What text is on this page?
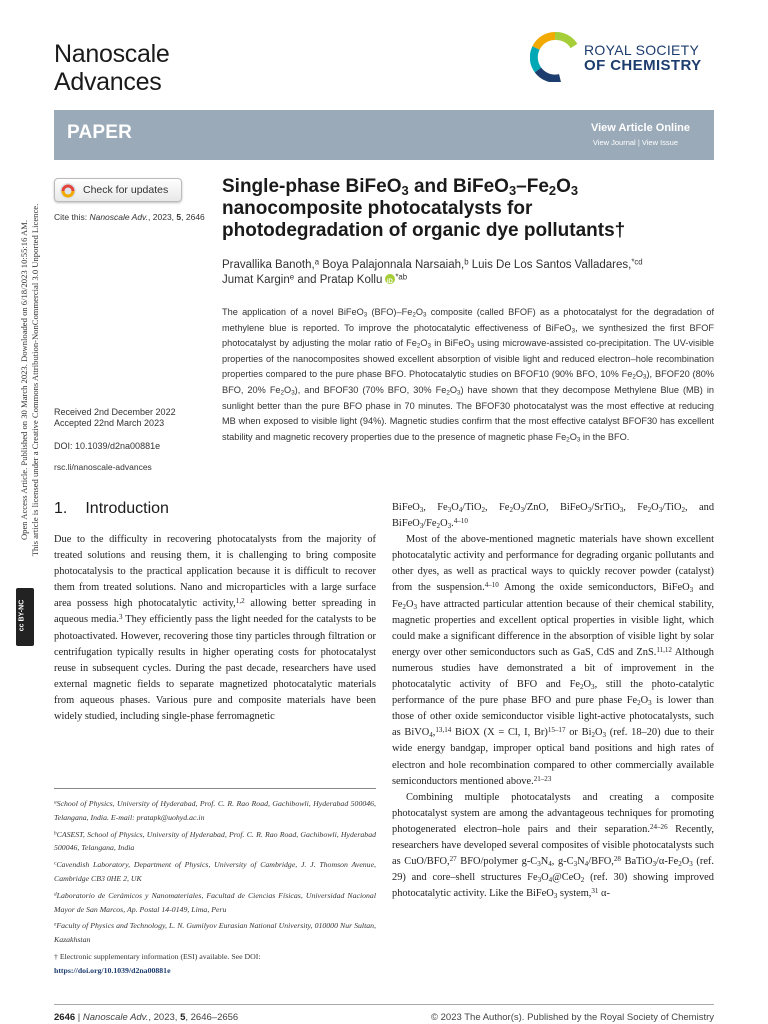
Open Access Article. Published on 30 March 2023. Downloaded on 6/18/2023 10:55:16 AM. This article is licensed under a Creative Commons Attribution-NonCommercial 3.0 Unported Licence.
cc BY-NC
Nanoscale
Advances
ROYAL SOCIETY
OF CHEMISTRY
PAPER	View Article Online
View Journal | View Issue
Check for updates
Cite this: Nanoscale Adv., 2023, 5, 2646
Single-phase BiFeO$_3$ and $BiFeO_3-Fe_2O_3$
nanocomposite photocatalysts for
photodegradation of organic dye pollutants†
Pravallika Banoth,$^a$ Boya Palajonnala Narsaiah,$^b$ Luis De Los Santos Valladares,$^{*cd}$
Jumat Kargin$^e$ and Pratap KolluiD $^{*ab}$
The application of a novel BiFeO$_3$ $(BFO)-Fe_2O_3$ composite (called BFOF) as a photocatalyst for the degradation of methylene blue is reported. To improve the photocatalytic effectiveness of BiFeO$_3$, we synthesized the first BFOF photocatalyst by adjusting the molar ratio of $Fe_2O_3$ in BiFeO$_3$ using microwave-assisted co-precipitation. The UV-visible properties of the nanocomposites showed excellent absorption of visible light and reduced electron–hole recombination properties compared to the pure phase BFO. Photocatalytic studies on BFOF10 (90% BFO, 10% $Fe_2O_3$), BFOF20 (80% BFO, 20% $Fe_2O_3$), and BFOF30 (70% BFO, 30% $Fe_2O_3$) have shown that they decompose Methylene Blue (MB) in sunlight better than the pure BFO phase in 70 minutes. The BFOF30 photocatalyst was the most effective at reducing MB when exposed to visible light (94%). Magnetic studies confirm that the most effective catalyst BFOF30 has excellent stability and magnetic recovery properties due to the presence of magnetic phase $Fe_2O_3$ in the BFO.
Received 2nd December 2022
Accepted 22nd March 2023
DOI: 10.1039/d2na00881e
rsc.li/nanoscale-advances
1. Introduction
Due to the difficulty in recovering photocatalysts from the majority of treated solutions and reusing them, it is challenging to bring composite photocatalysis to the practical application because it is difficult to recover them from treated solutions. Nano and microparticles with a large surface area possess high photocatalytic activity,$^{1,2}$ allowing better spreading in aqueous media.$^3$ They efficiently pass the light needed for the catalysts to be photoactivated. However, recovering those tiny particles through filtration or centrifugation typically results in higher operating costs for photocatalyst reuse in subsequent cycles. During the past decade, researchers have used external magnetic fields to separate magnetized photocatalytic materials from aqueous phases. Various pure and composite materials have been widely studied, including single-phase ferromagnetic

BiFeO$_3$, $Fe_3O_4/TiO_2$, $Fe_2O_3$/ZnO, BiFeO$_3$/SrTiO$_3$, $Fe_2O_3/TiO_2$, and $BiFeO_3/Fe_2O_3.^{4-10}$

Most of the above-mentioned magnetic materials have shown excellent photocatalytic activity and performance for degrading organic pollutants and other dyes, as well as practical ways to quickly recover powder (catalyst) from the suspension.$^{4-10}$ Among the oxide semiconductors, BiFeO$_3$ and $Fe_2O_3$ have attracted particular attention because of their chemical stability, magnetic properties and excellent optical properties in visible light, which could make a significant difference in the absorption of visible light by solar energy over other semiconductors such as GaS, CdS and ZnS.$^{11,12}$ Although numerous studies have demonstrated a bit of improvement in the photocatalytic activity of BFO and $Fe_2O_3$, still the photo-catalytic performance of the pure phase BFO and pure phase $Fe_2O_3$ is lower than those of other oxide semiconductor visible light-active photocatalysts, such as BiVO$_4$,$^{13,14}$ BiOX (X = Cl, I, Br)$^{15-17}$ or $Bi_2O_3$ (ref. 18–20) due to their wide energy bandgap, improper optical band positions and high rates of electron and hole recombination compared to other commercially available semiconductors mentioned above.$^{21-23}$

Combining multiple photocatalysts and creating a composite photocatalyst system are among the advantageous techniques for promoting photogenerated electron–hole pairs and their separation.$^{24-26}$ Recently, researchers have developed several composites of visible photocatalysts such as CuO/BFO,$^{27}$ BFO/polymer $g-C_3N_4$, $g-C_3N_4/BFO,^{28}$ $BaTiO_3/\alpha-Fe_2O_3$ (ref. 29) and core–shell structures $Fe_3O_4@CeO_2$ (ref. 30) showing improved photocatalytic activity. Like the BiFeO$_3$ system,$^{31}$ α-

$^a$School of Physics, University of Hyderabad, Prof. C. R. Rao Road, Gachibowli, Hyderabad 500046, Telangana, India. E-mail: pratapk@uohyd.ac.in

$^b$CASEST, School of Physics, University of Hyderabad, Prof. C. R. Rao Road, Gachibowli, Hyderabad 500046, Telangana, India

$^c$Cavendish Laboratory, Department of Physics, University of Cambridge, J. J. Thomson Avenue, Cambridge CB3 0HE 2, UK

$^d$Laboratorio de Cerámicos y Nanomateriales, Facultad de Ciencias Físicas, Universidad Nacional Mayor de San Marcos, Ap. Postal 14-0149, Lima, Peru

$^e$Faculty of Physics and Technology, L. N. Gumilyov Eurasian National University, 010000 Nur Sultan, Kazakhstan

† Electronic supplementary information (ESI) available. See DOI:
https://doi.org/10.1039/d2na00881e

2646 | Nanoscale Adv., 2023, 5, 2646–2656	© 2023 The Author(s). Published by the Royal Society of Chemistry
